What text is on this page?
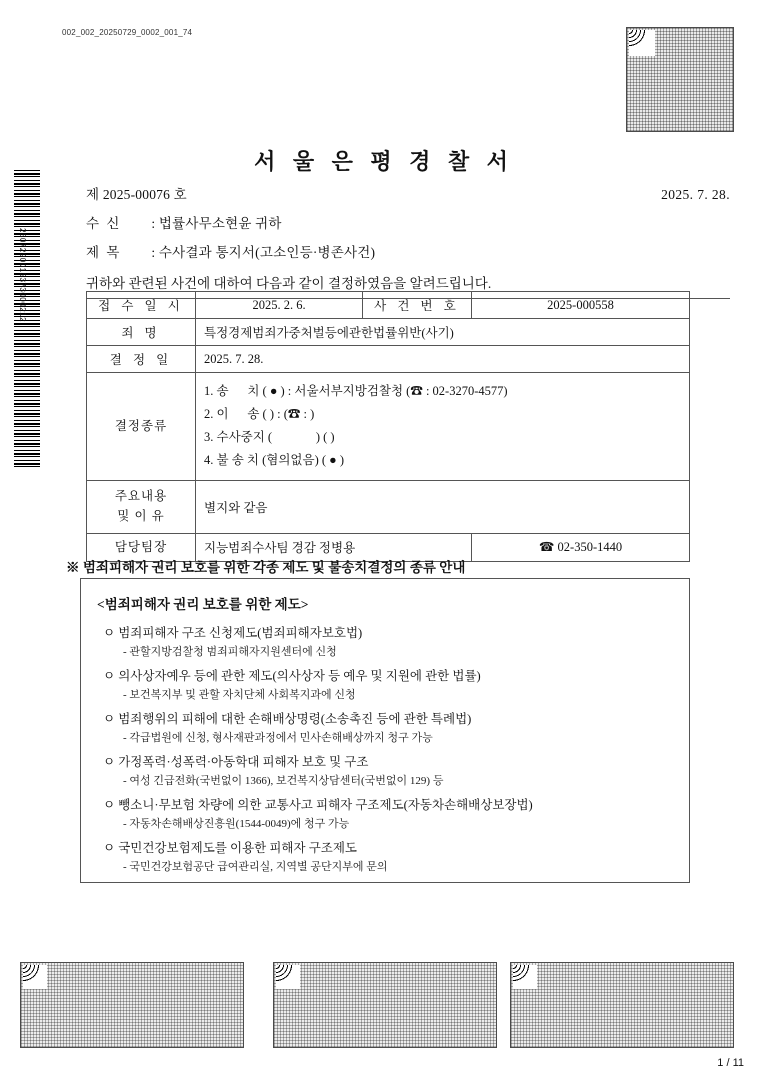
002_002_20250729_0002_001_74
2507290015373000212
서 울 은 평 경 찰 서
제 2025-00076 호	2025. 7. 28.
수 신 : 법률사무소현윤 귀하
제 목 : 수사결과 통지서(고소인등·병존사건)
귀하와 관련된 사건에 대하여 다음과 같이 결정하였음을 알려드립니다.
접 수 일 시	2025. 2. 6.	사 건 번 호	2025-000558
죄 명	특정경제범죄가중처벌등에관한법률위반(사기)		
결 정 일	2025. 7. 28.		
결정종류	1. 송      치 ( ● ) : 서울서부지방검찰청 (☎ : 02-3270-4577)
2. 이      송 ( ) : (☎ : )
3. 수사중지 (              ) ( )
4. 불 송 치 (혐의없음) ( ● )		

주요내용
및 이 유	별지와 같음		
담당팀장	지능범죄수사팀 경감 정병용		☎ 02-350-1440
※ 범죄피해자 권리 보호를 위한 각종 제도 및 불송치결정의 종류 안내
<범죄피해자 권리 보호를 위한 제도>
ㅇ 범죄피해자 구조 신청제도(범죄피해자보호법)
- 관할지방검찰청 범죄피해자지원센터에 신청
ㅇ 의사상자예우 등에 관한 제도(의사상자 등 예우 및 지원에 관한 법률)
- 보건복지부 및 관할 자치단체 사회복지과에 신청
ㅇ 범죄행위의 피해에 대한 손해배상명령(소송촉진 등에 관한 특례법)
- 각급법원에 신청, 형사재판과정에서 민사손해배상까지 청구 가능
ㅇ 가정폭력·성폭력·아동학대 피해자 보호 및 구조
- 여성 긴급전화(국번없이 1366), 보건복지상담센터(국번없이 129) 등
ㅇ 뺑소니·무보험 차량에 의한 교통사고 피해자 구조제도(자동차손해배상보장법)
- 자동차손해배상진흥원(1544-0049)에 청구 가능
ㅇ 국민건강보험제도를 이용한 피해자 구조제도
- 국민건강보험공단 급여관리실, 지역별 공단지부에 문의
1 / 11
